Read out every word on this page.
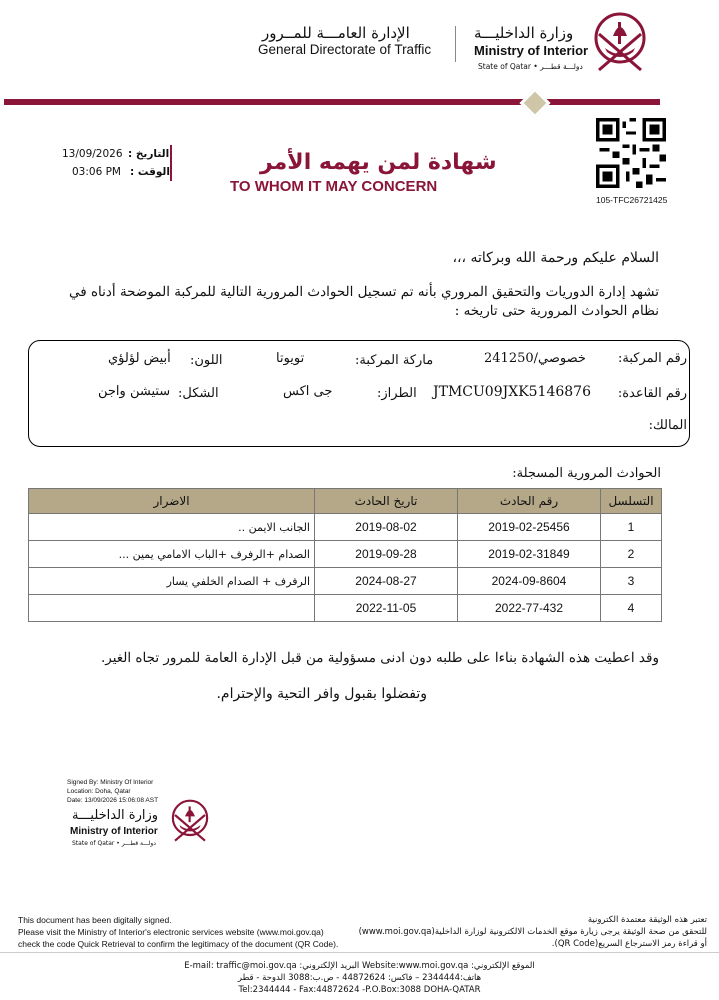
الإدارة العامـــة للمــرور
General Directorate of Traffic
وزارة الداخليـــة
Ministry of Interior
State of Qatar • دولـــة قطـــر
13/09/2026 التاريخ :
03:06 PM الوقت :	شهادة لمن يهمه الأمر
TO WHOM IT MAY CONCERN
105-TFC26721425
السلام عليكم ورحمة الله وبركاته ،،،
تشهد إدارة الدوريات والتحقيق المروري بأنه تم تسجيل الحوادث المرورية التالية للمركبة الموضحة أدناه في نظام الحوادث المرورية حتى تاريخه :
رقم المركبة:
خصوصي/241250
ماركة المركبة:
تويوتا
اللون:
أبيض لؤلؤي
رقم القاعدة:
JTMCU09JXK5146876
الطراز:
جى اكس
الشكل:
ستيشن واجن
المالك:
الحوادث المرورية المسجلة:
التسلسل	رقم الحادث	تاريخ الحادث	الاضرار
1	2019-02-25456	2019-08-02	الجانب الايمن ..
2	2019-02-31849	2019-09-28	الصدام +الرفرف +الباب الامامي يمين ...
3	2024-09-8604	2024-08-27	الرفرف + الصدام الخلفي يسار
4	2022-77-432	2022-11-05	
وقد اعطيت هذه الشهادة بناءا على طلبه دون ادنى مسؤولية من قبل الإدارة العامة للمرور تجاه الغير.
وتفضلوا بقبول وافر التحية والإحترام.
Signed By: Ministry Of Interior
Location: Doha, Qatar
Date: 13/09/2026 15:06:08 AST
وزارة الداخليـــة
Ministry of Interior
State of Qatar • دولـــة قطـــر
This document has been digitally signed.
Please visit the Ministry of Interior's electronic services website (www.moi.gov.qa)
check the code Quick Retrieval to confirm the legitimacy of the document (QR Code).
تعتبر هذه الوثيقة معتمدة الكترونية
للتحقق من صحة الوثيقة يرجى زيارة موقع الخدمات الالكترونية لوزارة الداخلية(www.moi.gov.qa)
أو قراءة رمز الاسترجاع السريع(QR Code).
E-mail: traffic@moi.gov.qa :البريد الإلكتروني Website:www.moi.gov.qa :الموقع الإلكتروني
هاتف:2344444 – فاكس: 44872624 - ص.ب:3088 الدوحة - قطر
Tel:2344444 - Fax:44872624 -P.O.Box:3088 DOHA-QATAR
